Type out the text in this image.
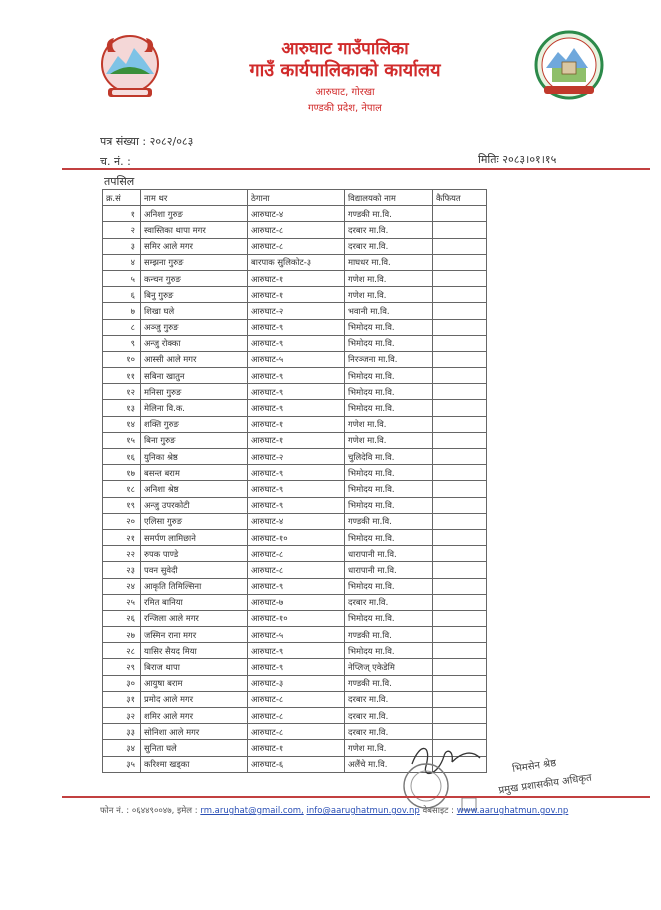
आरुघाट गाउँपालिका
गाउँ कार्यपालिकाको कार्यालय
आरुघाट, गोरखा
गण्डकी प्रदेश, नेपाल
पत्र संख्या : २०८२/०८३
च. नं. :	मितिः २०८३।०१।१५
तपसिल
क्र.सं	नाम थर	ठेगाना	विद्यालयको नाम	कैफियत
१	अनिशा गुरुङ	आरुघाट-४	गण्डकी मा.वि.	
२	स्वास्तिका थापा मगर	आरुघाट-८	दरबार मा.वि.	
३	समिर आले मगर	आरुघाट-८	दरबार मा.वि.	
४	सम्झना गुरुङ	बारपाक सुलिकोट-३	माघधर मा.वि.	
५	कन्चन गुरुङ	आरुघाट-१	गणेश मा.वि.	
६	बिनु गुरुङ	आरुघाट-१	गणेश मा.वि.	
७	शिखा घले	आरुघाट-२	भवानी मा.वि.	
८	अञ्जु गुरुङ	आरुघाट-९	भिमोदय मा.वि.	
९	अन्जु रोक्का	आरुघाट-९	भिमोदय मा.वि.	
१०	आस्सी आले मगर	आरुघाट-५	निरञ्जना मा.वि.	
११	सबिना खातुन	आरुघाट-९	भिमोदय मा.वि.	
१२	मनिसा गुरुङ	आरुघाट-९	भिमोदय मा.वि.	
१३	मेलिना वि.क.	आरुघाट-९	भिमोदय मा.वि.	
१४	शक्ति गुरुङ	आरुघाट-१	गणेश मा.वि.	
१५	बिना गुरुङ	आरुघाट-१	गणेश मा.वि.	
१६	युनिका श्रेष्ठ	आरुघाट-२	चुलिदेवि मा.वि.	
१७	बसन्त बराम	आरुघाट-९	भिमोदय मा.वि.	
१८	अनिशा श्रेष्ठ	आरुघाट-९	भिमोदय मा.वि.	
१९	अन्जु उपरकोटी	आरुघाट-९	भिमोदय मा.वि.	
२०	एलिसा गुरुङ	आरुघाट-४	गण्डकी मा.वि.	
२१	समर्पण लामिछाने	आरुघाट-१०	भिमोदय मा.वि.	
२२	रुपक पाण्डे	आरुघाट-८	धारापानी मा.वि.	
२३	पवन सुवेदी	आरुघाट-८	धारापानी मा.वि.	
२४	आकृति तिमिल्सिना	आरुघाट-९	भिमोदय मा.वि.	
२५	रमित बानिया	आरुघाट-७	दरबार मा.वि.	
२६	रन्जिला आले मगर	आरुघाट-१०	भिमोदय मा.वि.	
२७	जस्मिन राना मगर	आरुघाट-५	गण्डकी मा.वि.	
२८	यासिर सैयद मिया	आरुघाट-९	भिमोदय मा.वि.	
२९	बिराज थापा	आरुघाट-९	नेप्लिज् एकेडेमि	
३०	आयुषा बराम	आरुघाट-३	गण्डकी मा.वि.	
३१	प्रमोद आले मगर	आरुघाट-८	दरबार मा.वि.	
३२	शमिर आले मगर	आरुघाट-८	दरबार मा.वि.	
३३	सोनिशा आले मगर	आरुघाट-८	दरबार मा.वि.	
३४	सुनिता घले	आरुघाट-१	गणेश मा.वि.	
३५	करिश्मा खड्का	आरुघाट-६	अलैंचे मा.वि.		भिमसेन श्रेष्ठ
प्रमुख प्रशासकीय अधिकृत
फोन नं. : ०६४४९००४७, इमेल : rm.arughat@gmail.com, info@aarughatmun.gov.np वेबसाइट : www.aarughatmun.gov.np
